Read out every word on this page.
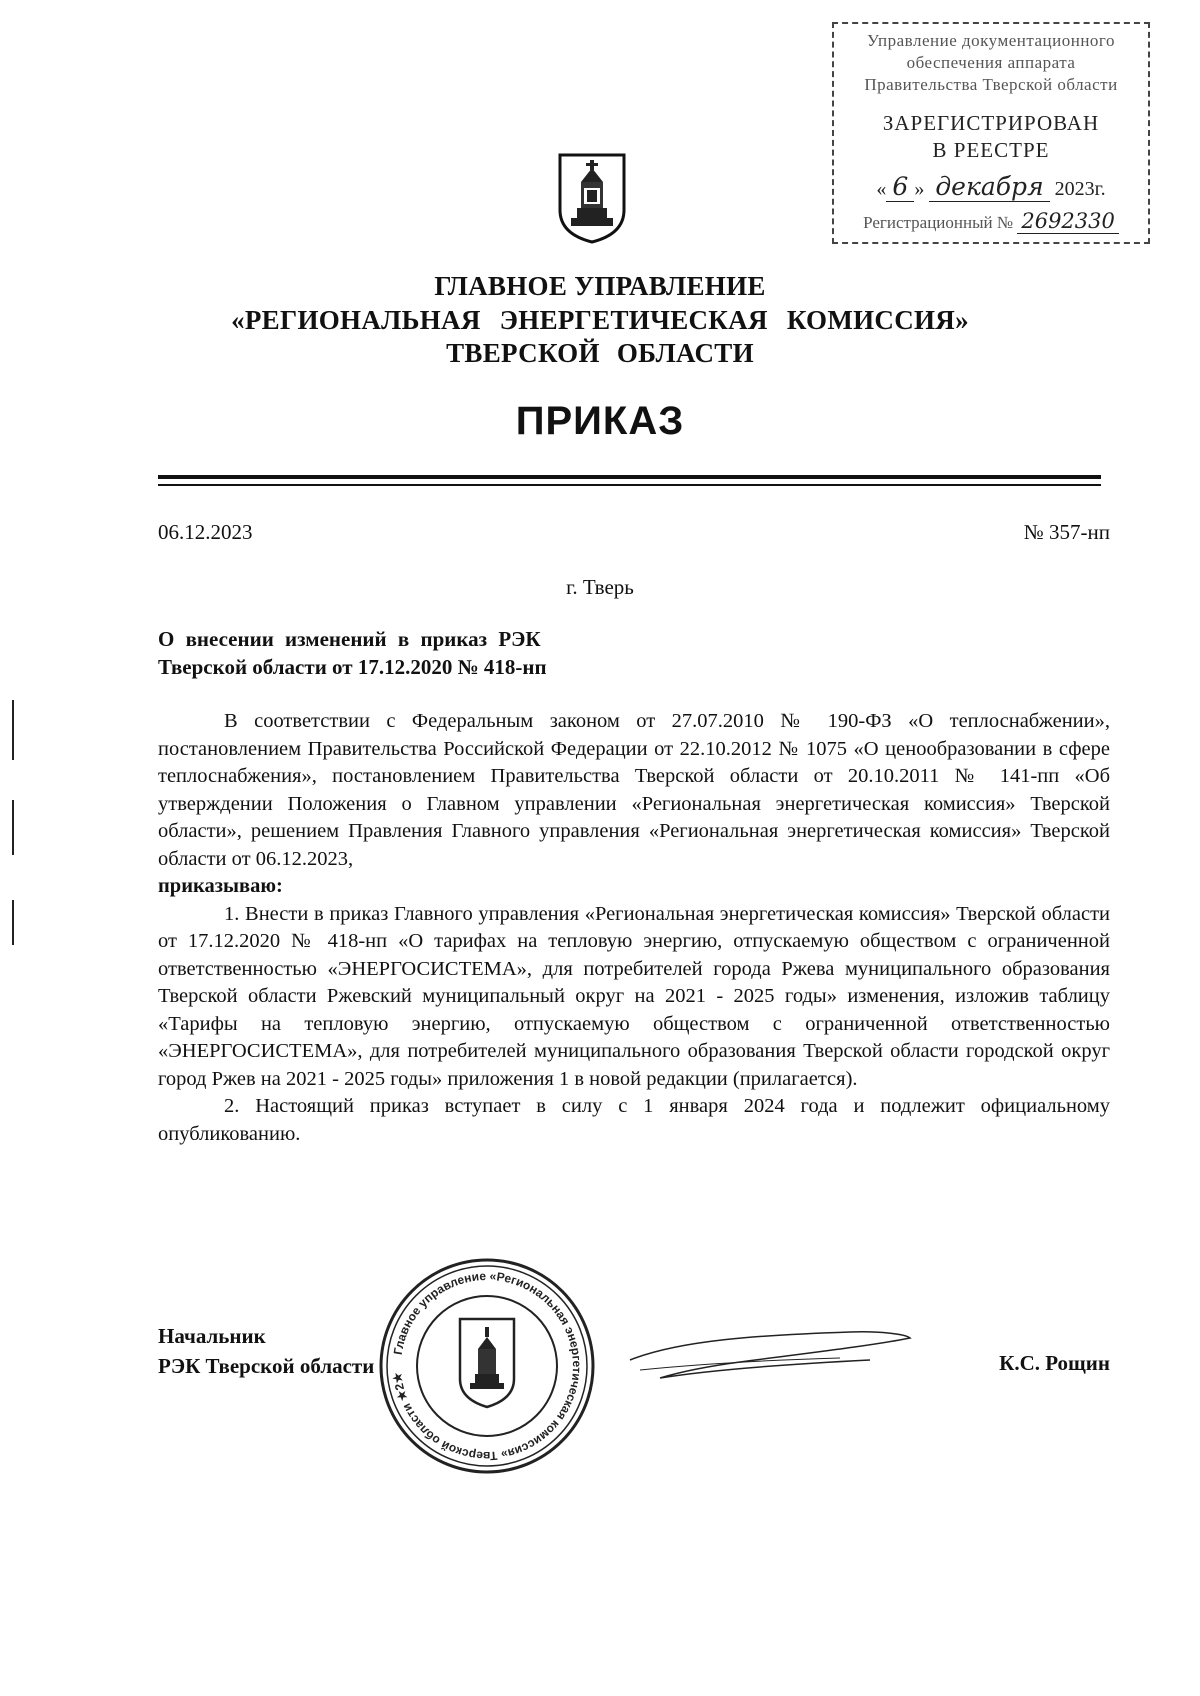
Управление документационного
обеспечения аппарата
Правительства Тверской области
ЗАРЕГИСТРИРОВАН
В РЕЕСТРЕ
« 6 » декабря 2023г.
Регистрационный № 2692330
ГЛАВНОЕ УПРАВЛЕНИЕ
«РЕГИОНАЛЬНАЯ ЭНЕРГЕТИЧЕСКАЯ КОМИССИЯ»
ТВЕРСКОЙ ОБЛАСТИ
ПРИКАЗ
06.12.2023	№ 357-нп
г. Тверь
О внесении изменений в приказ РЭК
Тверской области от 17.12.2020 № 418-нп

В соответствии с Федеральным законом от 27.07.2010 № 190-ФЗ «О теплоснабжении», постановлением Правительства Российской Федерации от 22.10.2012 № 1075 «О ценообразовании в сфере теплоснабжения», постановлением Правительства Тверской области от 20.10.2011 № 141-пп «Об утверждении Положения о Главном управлении «Региональная энергетическая комиссия» Тверской области», решением Правления Главного управления «Региональная энергетическая комиссия» Тверской области от 06.12.2023,

приказываю:

1. Внести в приказ Главного управления «Региональная энергетическая комиссия» Тверской области от 17.12.2020 № 418-нп «О тарифах на тепловую энергию, отпускаемую обществом с ограниченной ответственностью «ЭНЕРГОСИСТЕМА», для потребителей города Ржева муниципального образования Тверской области Ржевский муниципальный округ на 2021 - 2025 годы» изменения, изложив таблицу «Тарифы на тепловую энергию, отпускаемую обществом с ограниченной ответственностью «ЭНЕРГОСИСТЕМА», для потребителей муниципального образования Тверской области городской округ город Ржев на 2021 - 2025 годы» приложения 1 в новой редакции (прилагается).

2. Настоящий приказ вступает в силу с 1 января 2024 года и подлежит официальному опубликованию.

Начальник
РЭК Тверской области	К.С. Рощин
Главное управление «Региональная энергетическая комиссия» Тверской области ★2★
